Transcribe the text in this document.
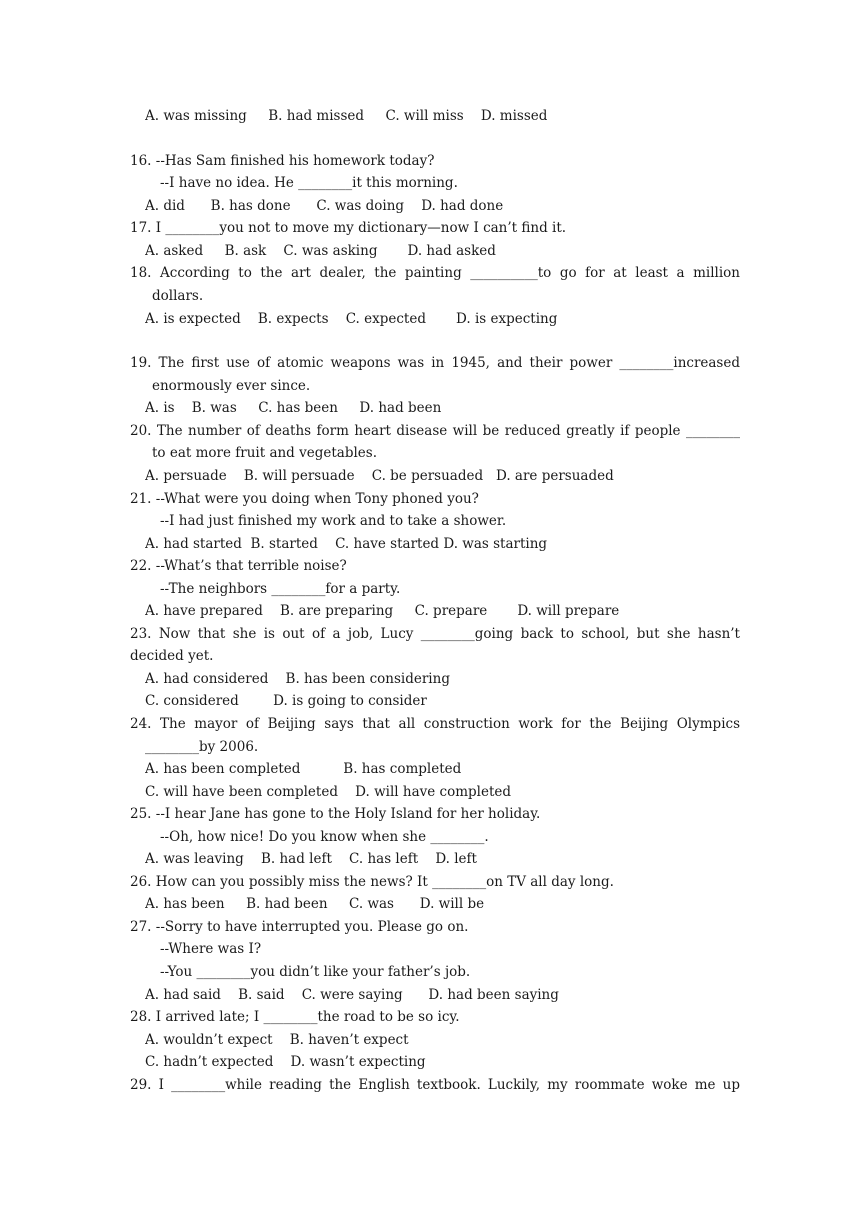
A. was missing     B. had missed     C. will miss    D. missed
16. --Has Sam finished his homework today?
--I have no idea. He ________it this morning.
A. did      B. has done      C. was doing    D. had done
17. I ________you not to move my dictionary—now I can’t find it.
A. asked     B. ask    C. was asking       D. had asked
18. According to the art dealer, the painting __________to go for at least a million
dollars.
A. is expected    B. expects    C. expected       D. is expecting
19. The first use of atomic weapons was in 1945, and their power ________increased
enormously ever since.
A. is    B. was     C. has been     D. had been
20. The number of deaths form heart disease will be reduced greatly if people ________
to eat more fruit and vegetables.
A. persuade    B. will persuade    C. be persuaded   D. are persuaded
21. --What were you doing when Tony phoned you?
--I had just finished my work and to take a shower.
A. had started  B. started    C. have started D. was starting
22. --What’s that terrible noise?
--The neighbors ________for a party.
A. have prepared    B. are preparing     C. prepare       D. will prepare
23. Now that she is out of a job, Lucy ________going back to school, but she hasn’t
decided yet.
A. had considered    B. has been considering
C. considered        D. is going to consider
24. The mayor of Beijing says that all construction work for the Beijing Olympics
________by 2006.
A. has been completed          B. has completed
C. will have been completed    D. will have completed
25. --I hear Jane has gone to the Holy Island for her holiday.
--Oh, how nice! Do you know when she ________.
A. was leaving    B. had left    C. has left    D. left
26. How can you possibly miss the news? It ________on TV all day long.
A. has been     B. had been     C. was      D. will be
27. --Sorry to have interrupted you. Please go on.
--Where was I?
--You ________you didn’t like your father’s job.
A. had said    B. said    C. were saying      D. had been saying
28. I arrived late; I ________the road to be so icy.
A. wouldn’t expect    B. haven’t expect
C. hadn’t expected    D. wasn’t expecting
29. I ________while reading the English textbook. Luckily, my roommate woke me up
